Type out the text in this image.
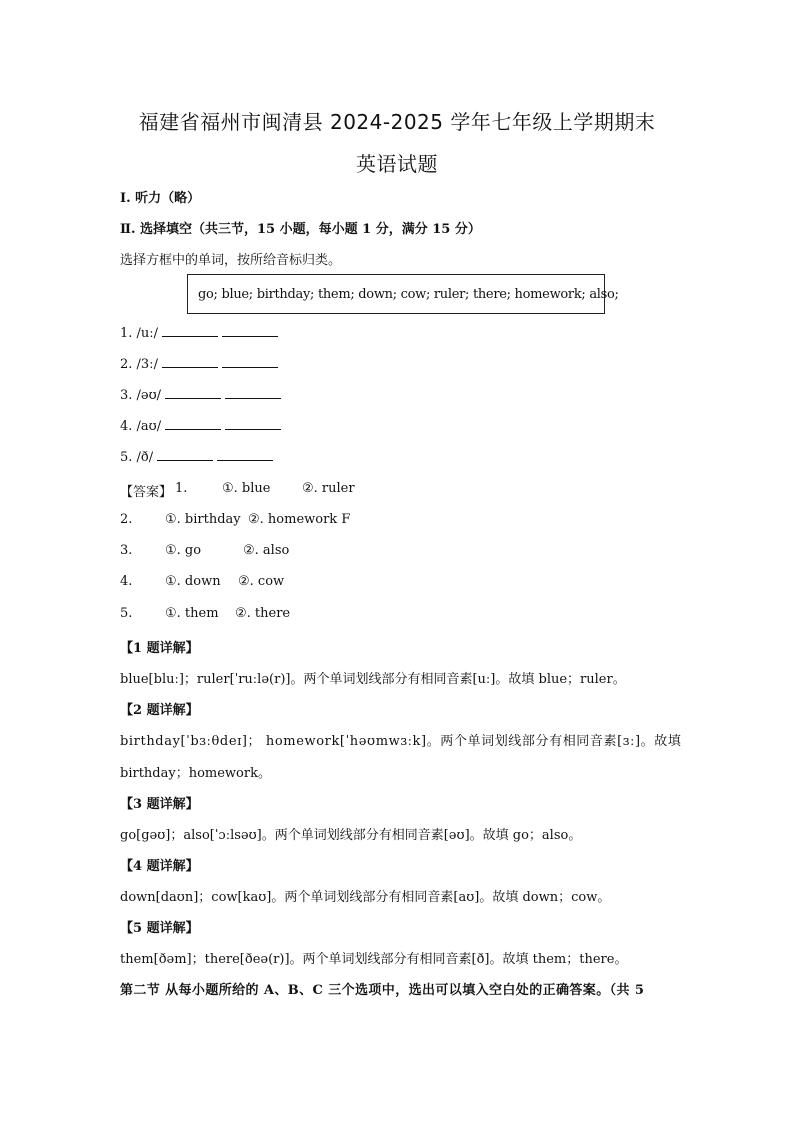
福建省福州市闽清县 2024-2025 学年七年级上学期期末
英语试题
Ⅰ. 听力（略）
Ⅱ. 选择填空（共三节，15 小题，每小题 1 分，满分 15 分）
选择方框中的单词，按所给音标归类。
go; blue; birthday; them; down; cow; ruler; there; homework; also;
1. /uː/
2. /3ː/
3. /əʊ/
4. /aʊ/
5. /ð/
【答案】 1.	①. blue ②. ruler
2.	①. birthday ②. homework F
3.	①. go	②. also
4.	①. down ②. cow
5.	①. them ②. there
【1 题详解】
blue[bluː]；ruler[ˈruːlə(r)]。两个单词划线部分有相同音素[uː]。故填 blue；ruler。
【2 题详解】
birthday[ˈbɜːθdeɪ]； homework[ˈhəʊmwɜːk]。两个单词划线部分有相同音素[ɜː]。故填
birthday；homework。
【3 题详解】
go[gəʊ]；also[ˈɔːlsəʊ]。两个单词划线部分有相同音素[əʊ]。故填 go；also。
【4 题详解】
down[daʊn]；cow[kaʊ]。两个单词划线部分有相同音素[aʊ]。故填 down；cow。
【5 题详解】
them[ðəm]；there[ðeə(r)]。两个单词划线部分有相同音素[ð]。故填 them；there。
第二节 从每小题所给的 A、B、C 三个选项中，选出可以填入空白处的正确答案。（共 5
